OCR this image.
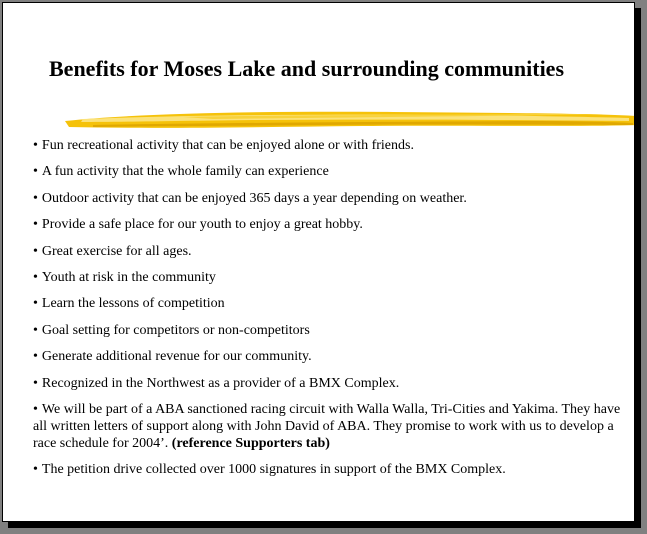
Benefits for Moses Lake and surrounding communities
• Fun recreational activity that can be enjoyed alone or with friends.
• A fun activity that the whole family can experience
• Outdoor activity that can be enjoyed 365 days a year depending on weather.
• Provide a safe place for our youth to enjoy a great hobby.
• Great exercise for all ages.
• Youth at risk in the community
• Learn the lessons of competition
• Goal setting for competitors or non-competitors
• Generate additional revenue for our community.
• Recognized in the Northwest as a provider of a BMX Complex.
• We will be part of a ABA sanctioned racing circuit with Walla Walla, Tri-Cities and Yakima. They have all written letters of support along with John David of ABA. They promise to work with us to develop a race schedule for 2004’. (reference Supporters tab)
• The petition drive collected over 1000 signatures in support of the BMX Complex.
